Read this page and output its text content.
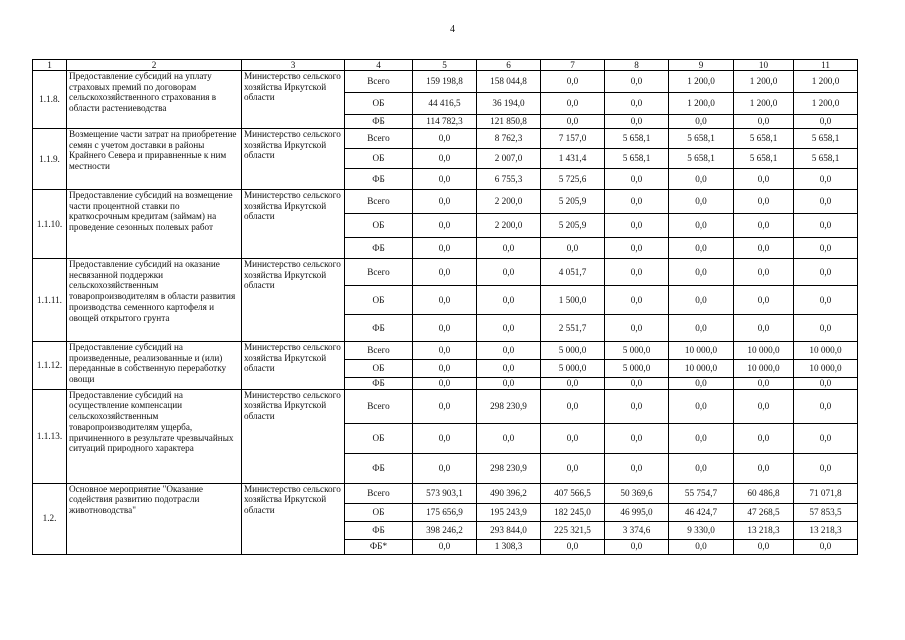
4
1	2	3	4	5	6	7	8	9	10	11
1.1.8.	Предоставление субсидий на уплату страховых премий по договорам сельскохозяйственного страхования в области растениеводства	Министерство сельского хозяйства Иркутской области	Всего	159 198,8	158 044,8	0,0	0,0	1 200,0	1 200,0	1 200,0
			ОБ	44 416,5	36 194,0	0,0	0,0	1 200,0	1 200,0	1 200,0
			ФБ	114 782,3	121 850,8	0,0	0,0	0,0	0,0	0,0
1.1.9.	Возмещение части затрат на приобретение семян с учетом доставки в районы Крайнего Севера и приравненные к ним местности	Министерство сельского хозяйства Иркутской области	Всего	0,0	8 762,3	7 157,0	5 658,1	5 658,1	5 658,1	5 658,1
			ОБ	0,0	2 007,0	1 431,4	5 658,1	5 658,1	5 658,1	5 658,1
			ФБ	0,0	6 755,3	5 725,6	0,0	0,0	0,0	0,0
1.1.10.	Предоставление субсидий на возмещение части процентной ставки по краткосрочным кредитам (займам) на проведение сезонных полевых работ	Министерство сельского хозяйства Иркутской области	Всего	0,0	2 200,0	5 205,9	0,0	0,0	0,0	0,0
			ОБ	0,0	2 200,0	5 205,9	0,0	0,0	0,0	0,0
			ФБ	0,0	0,0	0,0	0,0	0,0	0,0	0,0
1.1.11.	Предоставление субсидий на оказание несвязанной поддержки сельскохозяйственным товаропроизводителям в области развития производства семенного картофеля и овощей открытого грунта	Министерство сельского хозяйства Иркутской области	Всего	0,0	0,0	4 051,7	0,0	0,0	0,0	0,0
			ОБ	0,0	0,0	1 500,0	0,0	0,0	0,0	0,0
			ФБ	0,0	0,0	2 551,7	0,0	0,0	0,0	0,0
1.1.12.	Предоставление субсидий на произведенные, реализованные и (или) переданные в собственную переработку овощи	Министерство сельского хозяйства Иркутской области	Всего	0,0	0,0	5 000,0	5 000,0	10 000,0	10 000,0	10 000,0
			ОБ	0,0	0,0	5 000,0	5 000,0	10 000,0	10 000,0	10 000,0
			ФБ	0,0	0,0	0,0	0,0	0,0	0,0	0,0
1.1.13.	Предоставление субсидий на осуществление компенсации сельскохозяйственным товаропроизводителям ущерба, причиненного в результате чрезвычайных ситуаций природного характера	Министерство сельского хозяйства Иркутской области	Всего	0,0	298 230,9	0,0	0,0	0,0	0,0	0,0
			ОБ	0,0	0,0	0,0	0,0	0,0	0,0	0,0
			ФБ	0,0	298 230,9	0,0	0,0	0,0	0,0	0,0
1.2.	Основное мероприятие "Оказание содействия развитию подотрасли животноводства"	Министерство сельского хозяйства Иркутской области	Всего	573 903,1	490 396,2	407 566,5	50 369,6	55 754,7	60 486,8	71 071,8
			ОБ	175 656,9	195 243,9	182 245,0	46 995,0	46 424,7	47 268,5	57 853,5
			ФБ	398 246,2	293 844,0	225 321,5	3 374,6	9 330,0	13 218,3	13 218,3
			ФБ*	0,0	1 308,3	0,0	0,0	0,0	0,0	0,0
